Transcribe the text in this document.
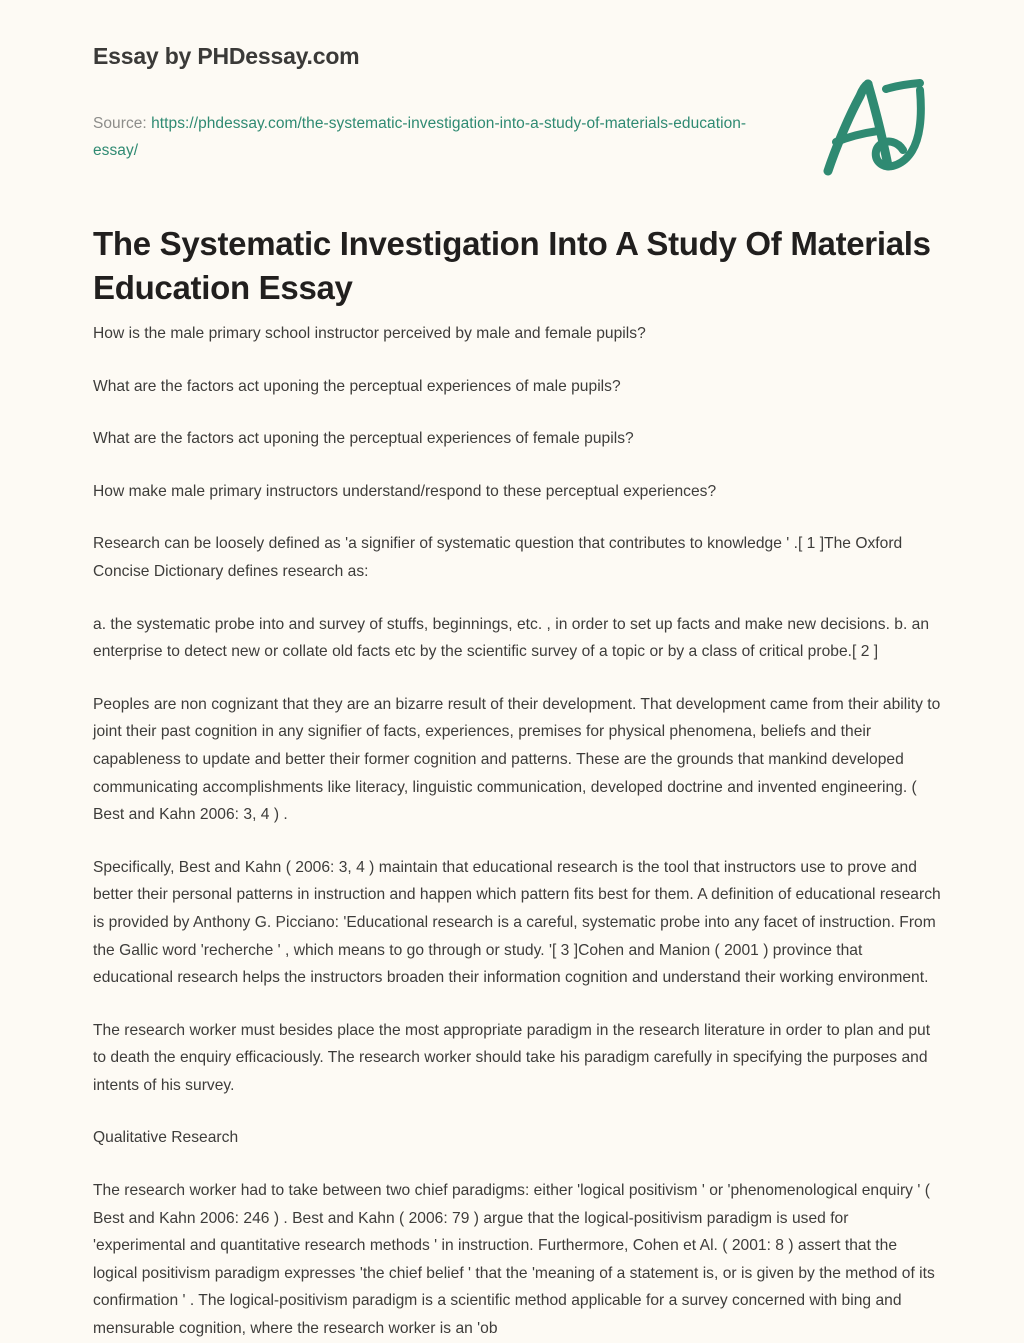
Essay by PHDessay.com
Source: https://phdessay.com/the-systematic-investigation-into-a-study-of-materials-education-essay/
The Systematic Investigation Into A Study Of Materials Education Essay

How is the male primary school instructor perceived by male and female pupils?

What are the factors act uponing the perceptual experiences of male pupils?

What are the factors act uponing the perceptual experiences of female pupils?

How make male primary instructors understand/respond to these perceptual experiences?

Research can be loosely defined as 'a signifier of systematic question that contributes to knowledge ' .[ 1 ]The Oxford Concise Dictionary defines research as:

a. the systematic probe into and survey of stuffs, beginnings, etc. , in order to set up facts and make new decisions. b. an enterprise to detect new or collate old facts etc by the scientific survey of a topic or by a class of critical probe.[ 2 ]

Peoples are non cognizant that they are an bizarre result of their development. That development came from their ability to joint their past cognition in any signifier of facts, experiences, premises for physical phenomena, beliefs and their capableness to update and better their former cognition and patterns. These are the grounds that mankind developed communicating accomplishments like literacy, linguistic communication, developed doctrine and invented engineering. ( Best and Kahn 2006: 3, 4 ) .

Specifically, Best and Kahn ( 2006: 3, 4 ) maintain that educational research is the tool that instructors use to prove and better their personal patterns in instruction and happen which pattern fits best for them. A definition of educational research is provided by Anthony G. Picciano: 'Educational research is a careful, systematic probe into any facet of instruction. From the Gallic word 'recherche ' , which means to go through or study. '[ 3 ]Cohen and Manion ( 2001 ) province that educational research helps the instructors broaden their information cognition and understand their working environment.

The research worker must besides place the most appropriate paradigm in the research literature in order to plan and put to death the enquiry efficaciously. The research worker should take his paradigm carefully in specifying the purposes and intents of his survey.

Qualitative Research

The research worker had to take between two chief paradigms: either 'logical positivism ' or 'phenomenological enquiry ' ( Best and Kahn 2006: 246 ) . Best and Kahn ( 2006: 79 ) argue that the logical-positivism paradigm is used for 'experimental and quantitative research methods ' in instruction. Furthermore, Cohen et Al. ( 2001: 8 ) assert that the logical positivism paradigm expresses 'the chief belief ' that the 'meaning of a statement is, or is given by the method of its confirmation ' . The logical-positivism paradigm is a scientific method applicable for a survey concerned with bing and mensurable cognition, where the research worker is an 'ob
